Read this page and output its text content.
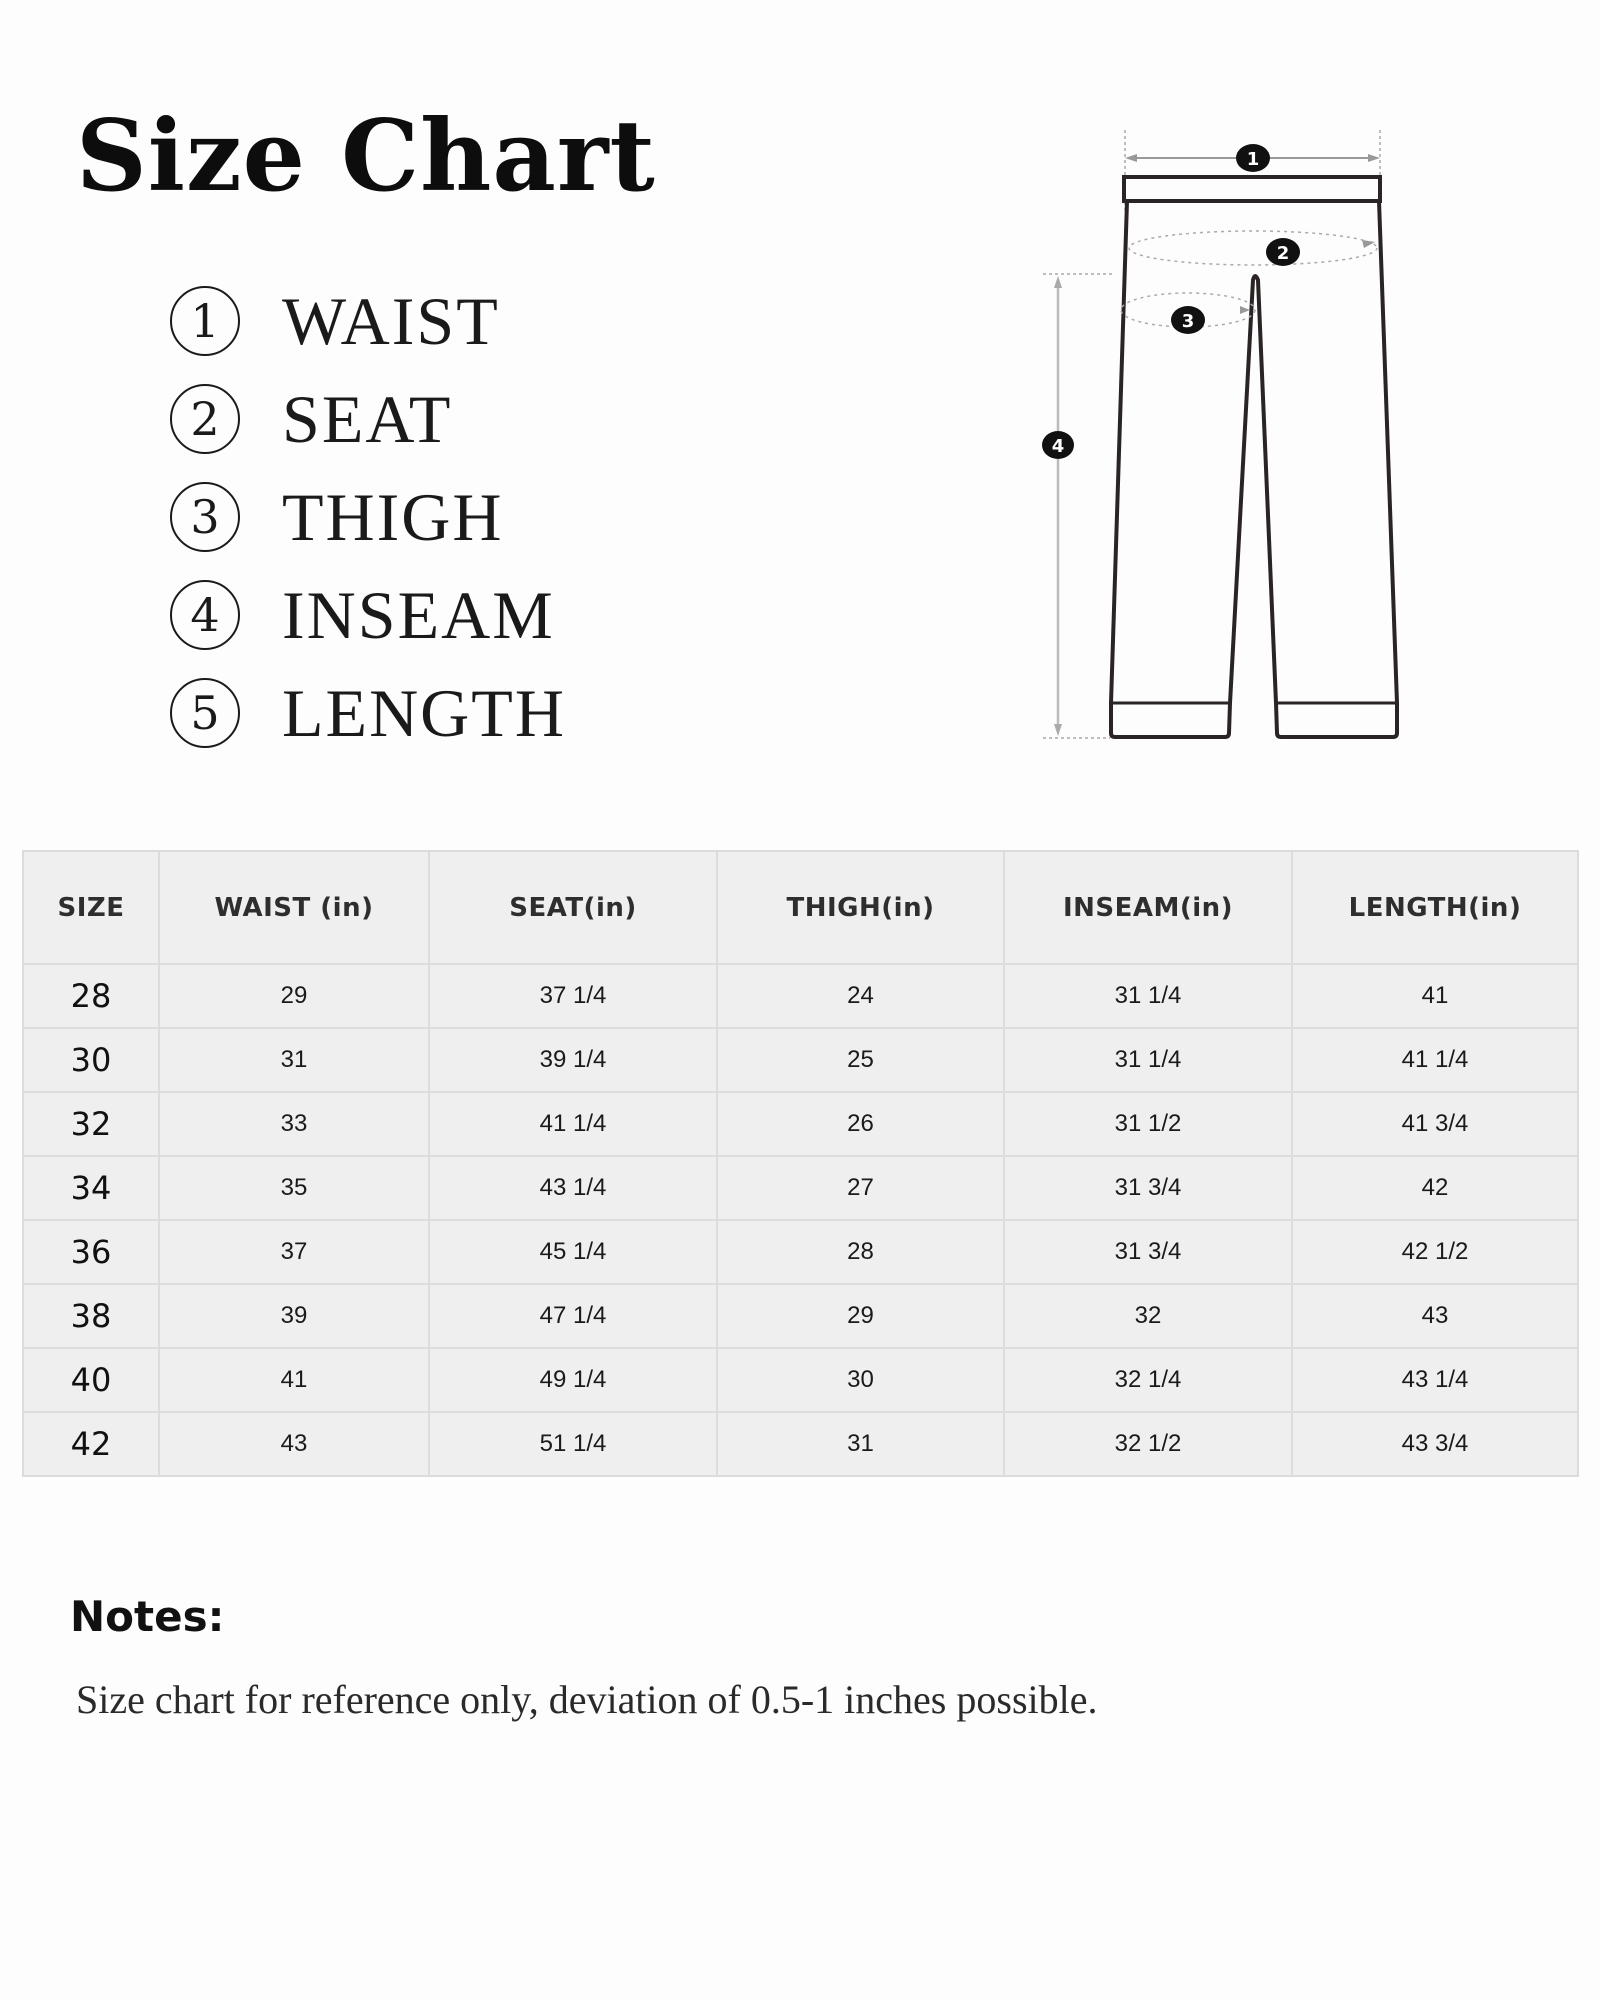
Size Chart
1 WAIST
2 SEAT
3 THIGH
4 INSEAM
5 LENGTH
1
2
3
4
SIZE	WAIST (in)	SEAT(in)	THIGH(in)	INSEAM(in)	LENGTH(in)
28	29	37 1/4	24	31 1/4	41
30	31	39 1/4	25	31 1/4	41 1/4
32	33	41 1/4	26	31 1/2	41 3/4
34	35	43 1/4	27	31 3/4	42
36	37	45 1/4	28	31 3/4	42 1/2
38	39	47 1/4	29	32	43
40	41	49 1/4	30	32 1/4	43 1/4
42	43	51 1/4	31	32 1/2	43 3/4
Notes:

Size chart for reference only, deviation of 0.5-1 inches possible.
